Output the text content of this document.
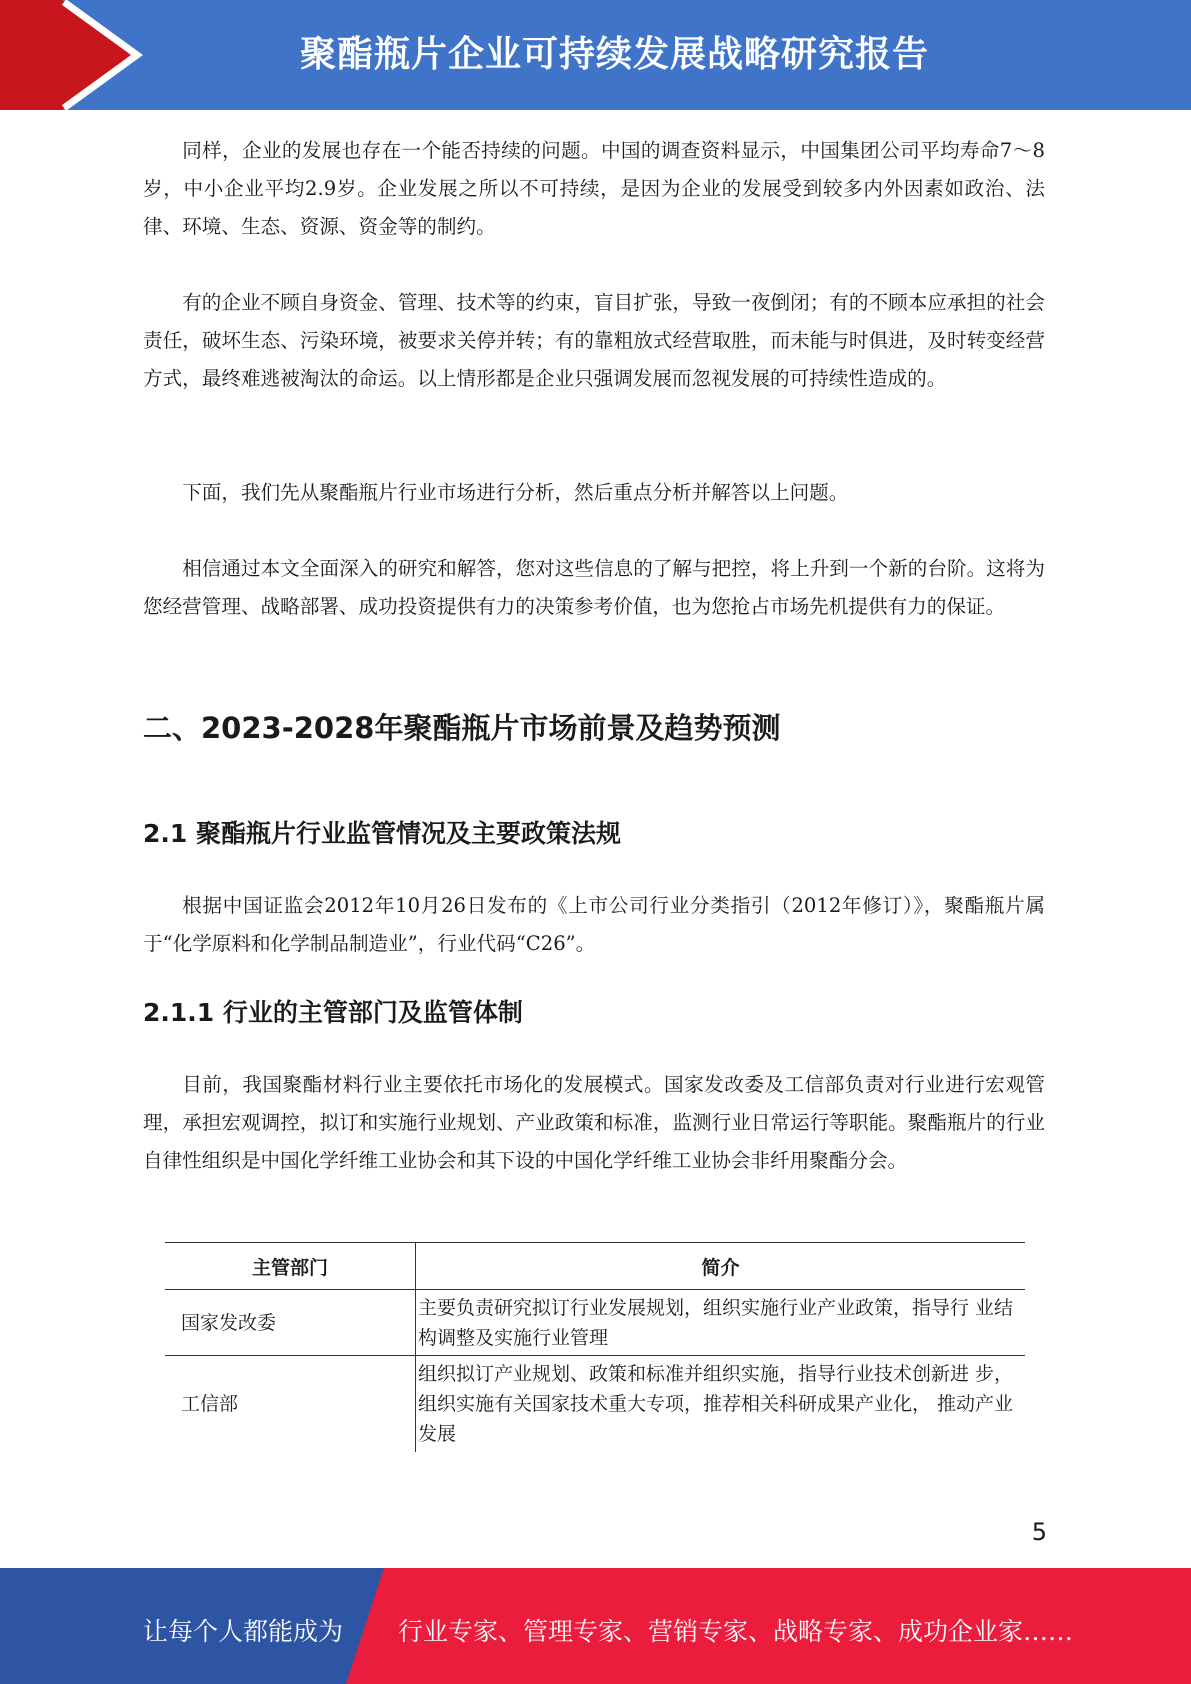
聚酯瓶片企业可持续发展战略研究报告

同样，企业的发展也存在一个能否持续的问题。中国的调查资料显示，中国集团公司平均寿命7～8岁，中小企业平均2.9岁。企业发展之所以不可持续，是因为企业的发展受到较多内外因素如政治、法律、环境、生态、资源、资金等的制约。

有的企业不顾自身资金、管理、技术等的约束，盲目扩张，导致一夜倒闭；有的不顾本应承担的社会责任，破坏生态、污染环境，被要求关停并转；有的靠粗放式经营取胜，而未能与时俱进，及时转变经营方式，最终难逃被淘汰的命运。以上情形都是企业只强调发展而忽视发展的可持续性造成的。

下面，我们先从聚酯瓶片行业市场进行分析，然后重点分析并解答以上问题。

相信通过本文全面深入的研究和解答，您对这些信息的了解与把控，将上升到一个新的台阶。这将为您经营管理、战略部署、成功投资提供有力的决策参考价值，也为您抢占市场先机提供有力的保证。

二、2023-2028年聚酯瓶片市场前景及趋势预测
2.1 聚酯瓶片行业监管情况及主要政策法规

根据中国证监会2012年10月26日发布的《上市公司行业分类指引（2012年修订）》，聚酯瓶片属于“化学原料和化学制品制造业”，行业代码“C26”。

2.1.1 行业的主管部门及监管体制

目前，我国聚酯材料行业主要依托市场化的发展模式。国家发改委及工信部负责对行业进行宏观管理，承担宏观调控，拟订和实施行业规划、产业政策和标准，监测行业日常运行等职能。聚酯瓶片的行业自律性组织是中国化学纤维工业协会和其下设的中国化学纤维工业协会非纤用聚酯分会。

主管部门	简介
国家发改委	主要负责研究拟订行业发展规划，组织实施行业产业政策，指导行 业结构调整及实施行业管理
工信部	组织拟订产业规划、政策和标准并组织实施，指导行业技术创新进 步，组织实施有关国家技术重大专项，推荐相关科研成果产业化， 推动产业发展
5
让每个人都能成为 行业专家、管理专家、营销专家、战略专家、成功企业家……
